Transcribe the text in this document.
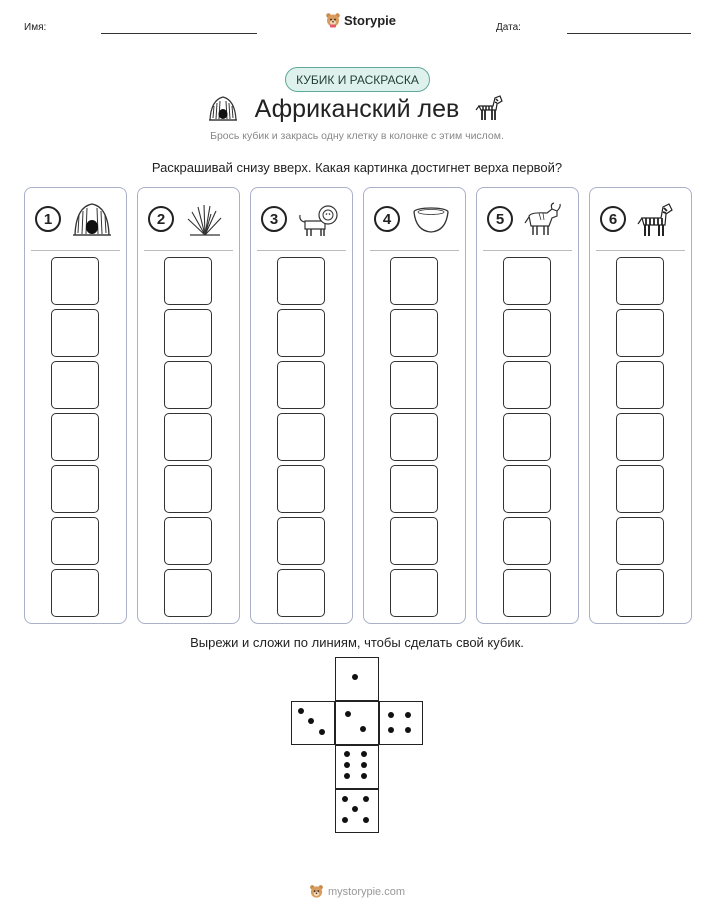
Имя:	Storypie	Дата:
КУБИК И РАСКРАСКА
Африканский лев
Брось кубик и закрась одну клетку в колонке с этим числом.
Раскрашивай снизу вверх. Какая картинка достигнет верха первой?
1	2	3	4	5	6
Вырежи и сложи по линиям, чтобы сделать свой кубик.
mystorypie.com
